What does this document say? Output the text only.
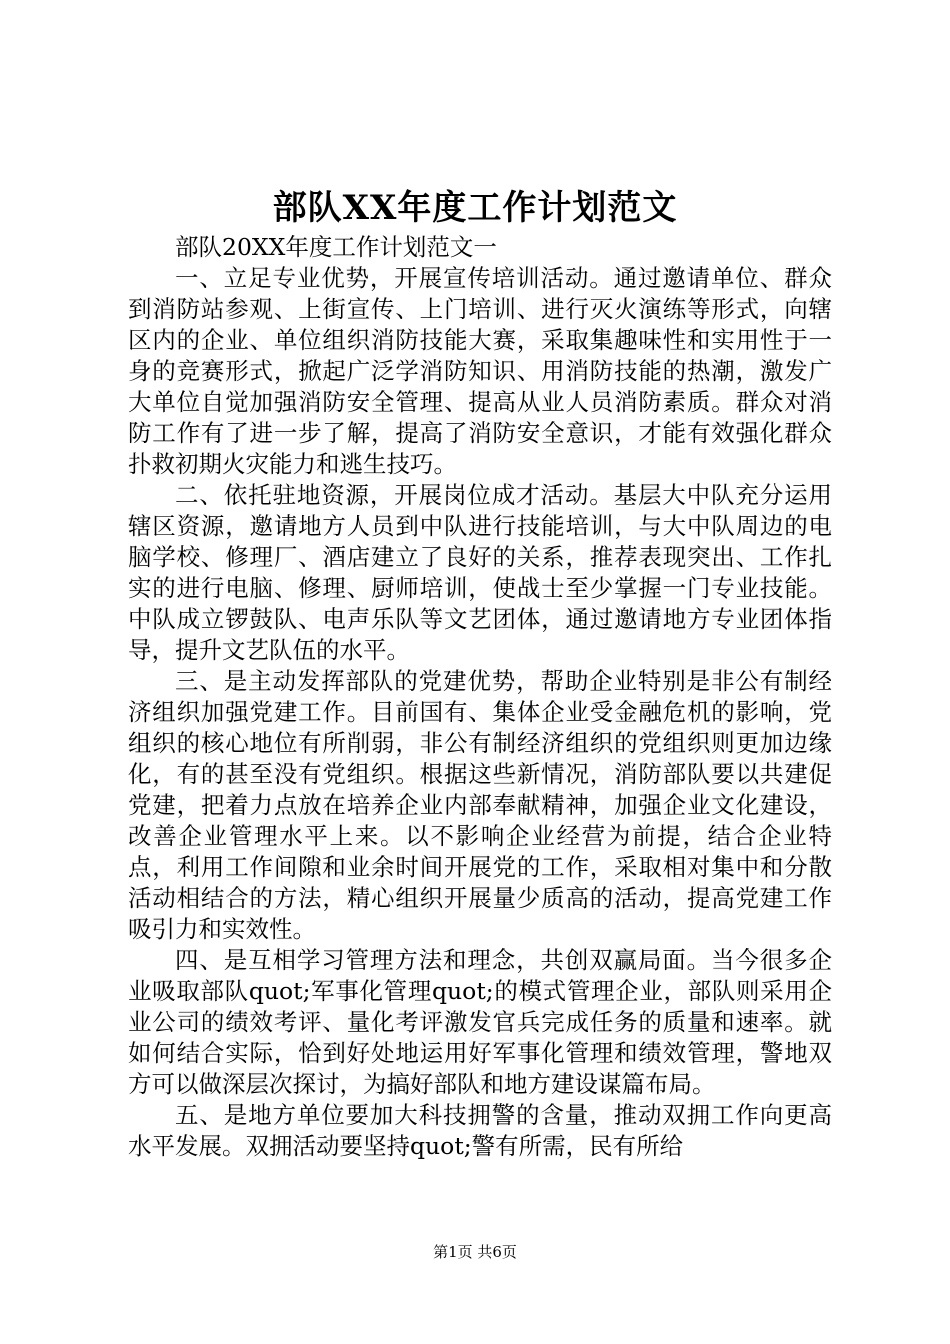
部队XX年度工作计划范文

部队20XX年度工作计划范文一

一、立足专业优势，开展宣传培训活动。通过邀请单位、群众到消防站参观、上街宣传、上门培训、进行灭火演练等形式，向辖区内的企业、单位组织消防技能大赛，采取集趣味性和实用性于一身的竞赛形式，掀起广泛学消防知识、用消防技能的热潮，激发广大单位自觉加强消防安全管理、提高从业人员消防素质。群众对消防工作有了进一步了解，提高了消防安全意识，才能有效强化群众扑救初期火灾能力和逃生技巧。

二、依托驻地资源，开展岗位成才活动。基层大中队充分运用辖区资源，邀请地方人员到中队进行技能培训，与大中队周边的电脑学校、修理厂、酒店建立了良好的关系，推荐表现突出、工作扎实的进行电脑、修理、厨师培训，使战士至少掌握一门专业技能。中队成立锣鼓队、电声乐队等文艺团体，通过邀请地方专业团体指导，提升文艺队伍的水平。

三、是主动发挥部队的党建优势，帮助企业特别是非公有制经济组织加强党建工作。目前国有、集体企业受金融危机的影响，党组织的核心地位有所削弱，非公有制经济组织的党组织则更加边缘化，有的甚至没有党组织。根据这些新情况，消防部队要以共建促党建，把着力点放在培养企业内部奉献精神，加强企业文化建设，改善企业管理水平上来。以不影响企业经营为前提，结合企业特点，利用工作间隙和业余时间开展党的工作，采取相对集中和分散活动相结合的方法，精心组织开展量少质高的活动，提高党建工作吸引力和实效性。

四、是互相学习管理方法和理念，共创双赢局面。当今很多企业吸取部队quot;军事化管理quot;的模式管理企业，部队则采用企业公司的绩效考评、量化考评激发官兵完成任务的质量和速率。就如何结合实际，恰到好处地运用好军事化管理和绩效管理，警地双方可以做深层次探讨，为搞好部队和地方建设谋篇布局。

五、是地方单位要加大科技拥警的含量，推动双拥工作向更高水平发展。双拥活动要坚持quot;警有所需，民有所给

第1页 共6页
